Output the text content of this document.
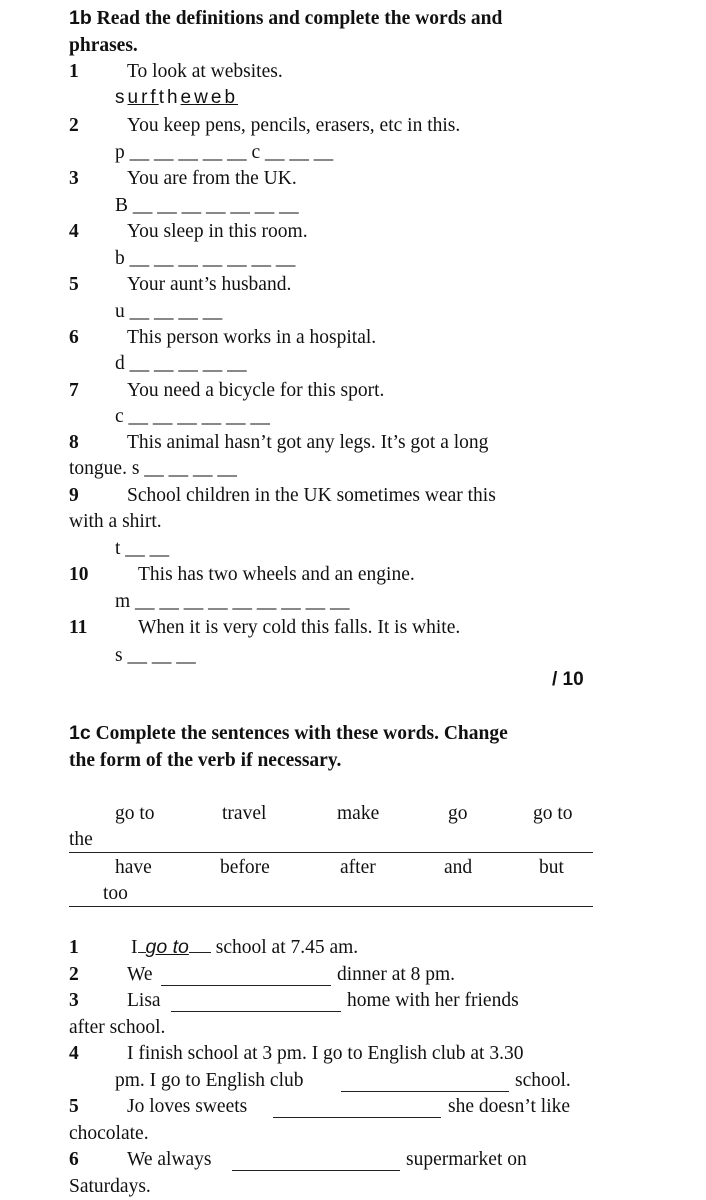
1b Read the definitions and complete the words and
phrases.
1 To look at websites.
surftheweb
2 You keep pens, pencils, erasers, etc in this.
p __ __ __ __ __ c __ __ __
3 You are from the UK.
B __ __ __ __ __ __ __
4 You sleep in this room.
b __ __ __ __ __ __ __
5 Your aunt’s husband.
u __ __ __ __
6 This person works in a hospital.
d __ __ __ __ __
7 You need a bicycle for this sport.
c __ __ __ __ __ __
8 This animal hasn’t got any legs. It’s got a long
tongue. s __ __ __ __
9 School children in the UK sometimes wear this
with a shirt.
t __ __
10	This has two wheels and an engine.
m __ __ __ __ __ __ __ __ __
11	When it is very cold this falls. It is white.
s __ __ __
/ 10
1c Complete the sentences with these words. Change
the form of the verb if necessary.
go to	travel	make	go	go to
the
have	before	after	and	but
too
1	I go to school at 7.45 am.
2 We	dinner at 8 pm.
3 Lisa	home with her friends
after school.
4 I finish school at 3 pm. I go to English club at 3.30
pm. I go to English club	school.
5 Jo loves sweets	she doesn’t like
chocolate.
6 We always	supermarket on
Saturdays.
